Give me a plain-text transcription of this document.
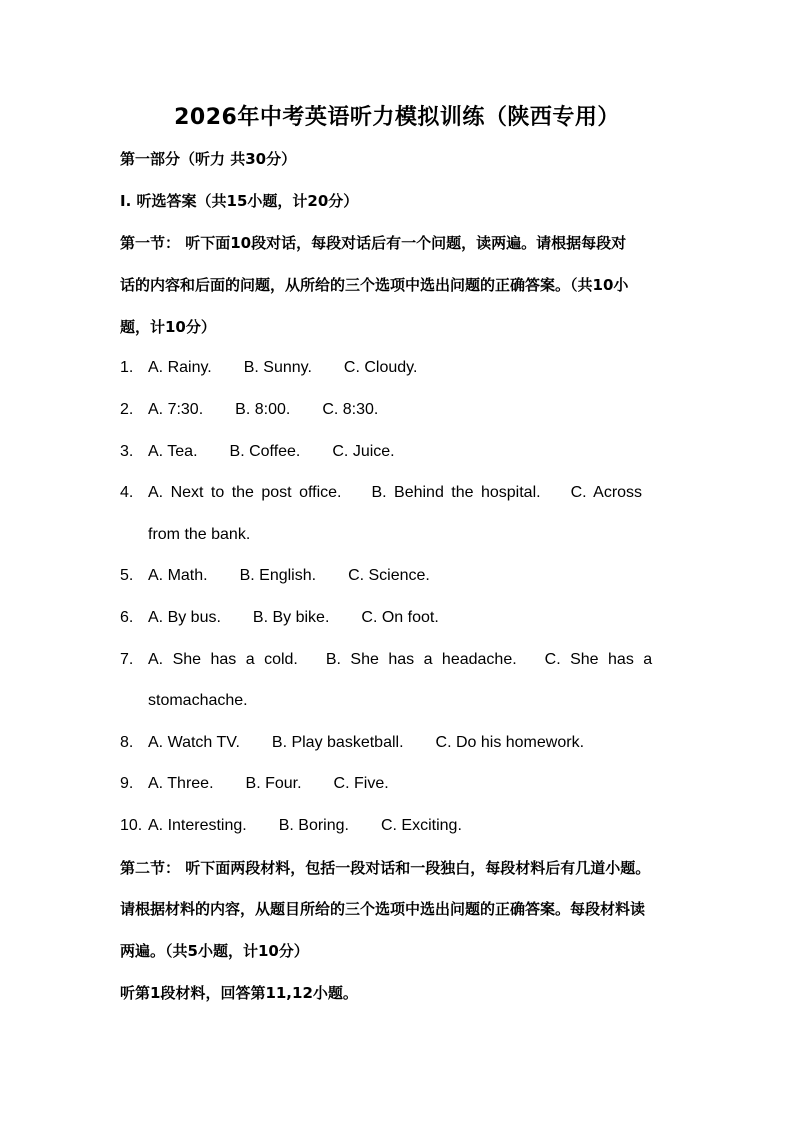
2026年中考英语听力模拟训练（陕西专用）
第一部分（听力 共30分）
I. 听选答案（共15小题，计20分）
第一节： 听下面10段对话，每段对话后有一个问题，读两遍。请根据每段对
话的内容和后面的问题，从所给的三个选项中选出问题的正确答案。（共10小
题，计10分）
1. A. Rainy. B. Sunny. C. Cloudy.
2. A. 7:30. B. 8:00. C. 8:30.
3. A. Tea. B. Coffee. C. Juice.
4. A. Next to the post office. B. Behind the hospital. C. Across
from the bank.
5. A. Math. B. English. C. Science.
6. A. By bus. B. By bike. C. On foot.
7. A. She has a cold. B. She has a headache. C. She has a
stomachache.
8. A. Watch TV. B. Play basketball. C. Do his homework.
9. A. Three. B. Four. C. Five.
10. A. Interesting. B. Boring. C. Exciting.
第二节： 听下面两段材料，包括一段对话和一段独白，每段材料后有几道小题。
请根据材料的内容，从题目所给的三个选项中选出问题的正确答案。每段材料读
两遍。（共5小题，计10分）
听第1段材料，回答第11,12小题。
